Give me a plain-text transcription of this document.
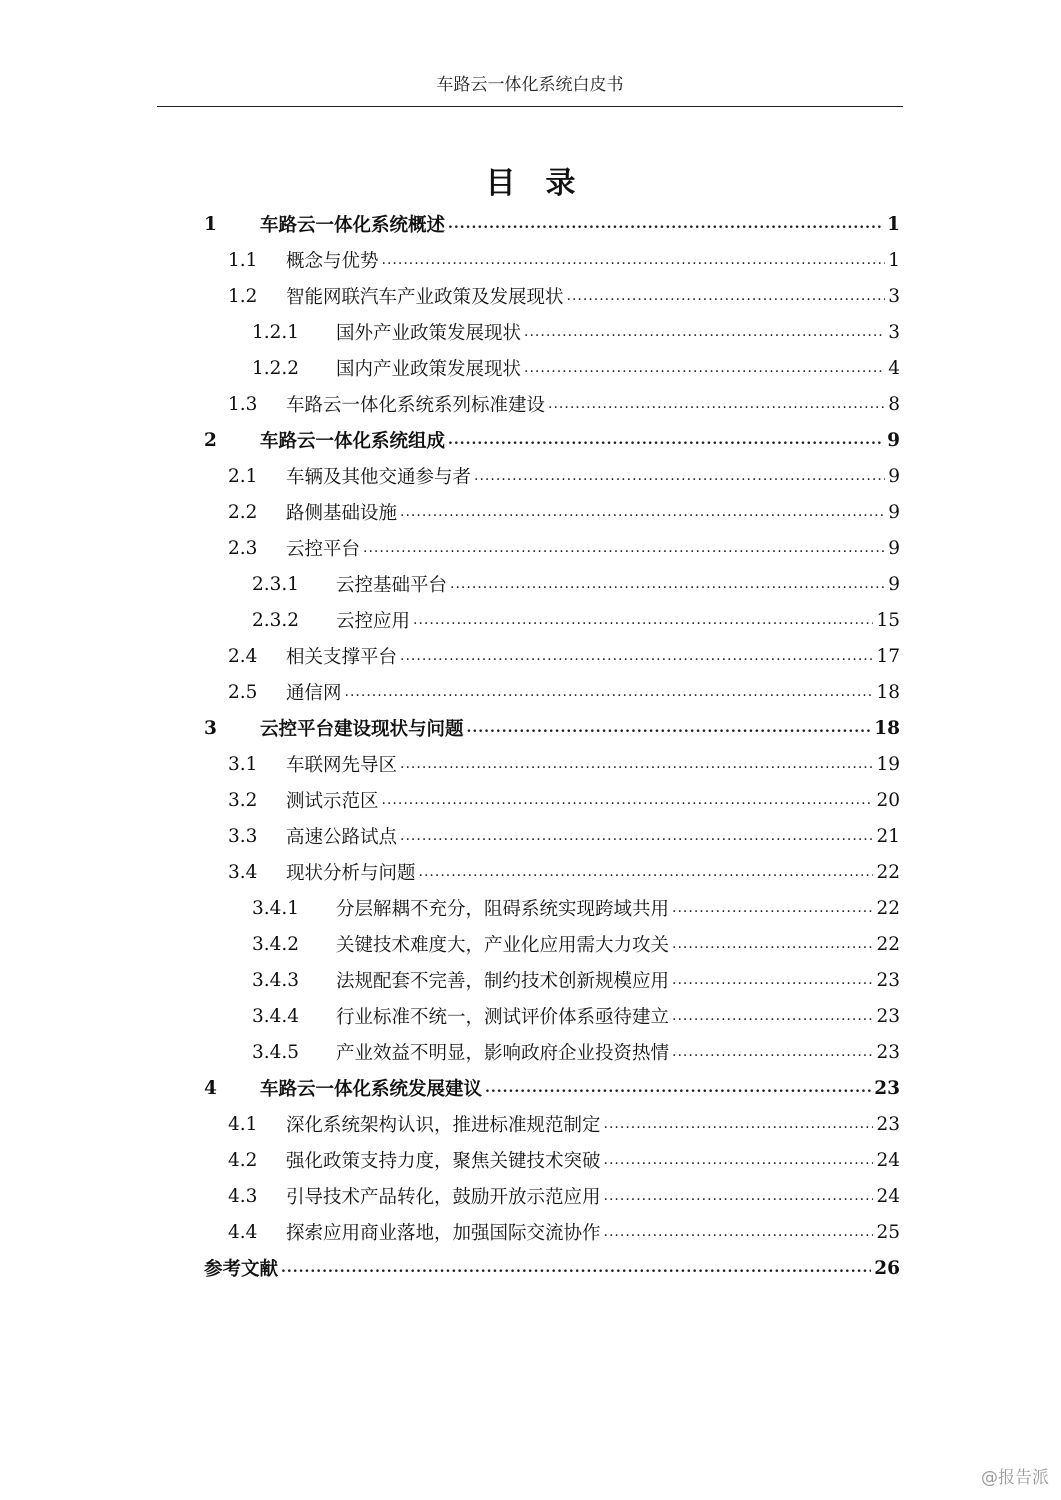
车路云一体化系统白皮书
目录
1	车路云一体化系统概述 .....	1
1.1	概念与优势 .....	1
1.2	智能网联汽车产业政策及发展现状 .....	3
1.2.1	国外产业政策发展现状 .....	3
1.2.2	国内产业政策发展现状 .....	4
1.3	车路云一体化系统系列标准建设 .....	8
2	车路云一体化系统组成 .....	9
2.1	车辆及其他交通参与者 .....	9
2.2	路侧基础设施 .....	9
2.3	云控平台 .....	9
2.3.1	云控基础平台 .....	9
2.3.2	云控应用 .....	15
2.4	相关支撑平台 .....	17
2.5	通信网 .....	18
3	云控平台建设现状与问题 .....	18
3.1	车联网先导区 .....	19
3.2	测试示范区 .....	20
3.3	高速公路试点 .....	21
3.4	现状分析与问题 .....	22
3.4.1	分层解耦不充分，阻碍系统实现跨域共用 .....	22
3.4.2	关键技术难度大，产业化应用需大力攻关 .....	22
3.4.3	法规配套不完善，制约技术创新规模应用 .....	23
3.4.4	行业标准不统一，测试评价体系亟待建立 .....	23
3.4.5	产业效益不明显，影响政府企业投资热情 .....	23
4	车路云一体化系统发展建议 .....	23
4.1	深化系统架构认识，推进标准规范制定 .....	23
4.2	强化政策支持力度，聚焦关键技术突破 .....	24
4.3	引导技术产品转化，鼓励开放示范应用 .....	24
4.4	探索应用商业落地，加强国际交流协作 .....	25
参考文献 .....	26
@报告派
